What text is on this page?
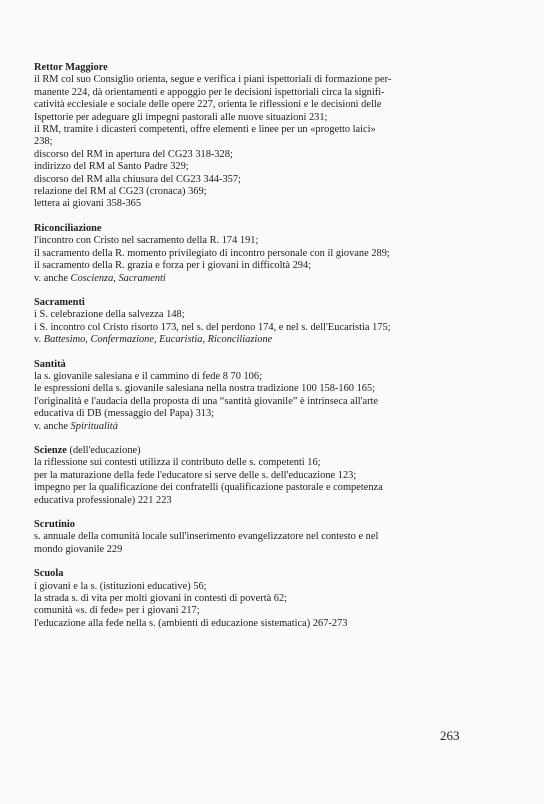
Rettor Maggiore
il RM col suo Consiglio orienta, segue e verifica i piani ispettoriali di formazione per-
manente 224, dà orientamenti e appoggio per le decisioni ispettoriali circa la signifi-
catività ecclesiale e sociale delle opere 227, orienta le riflessioni e le decisioni delle
Ispettorie per adeguare gli impegni pastorali alle nuove situazioni 231;
il RM, tramite i dicasteri competenti, offre elementi e linee per un «progetto laici»
238;
discorso del RM in apertura del CG23 318-328;
indirizzo del RM al Santo Padre 329;
discorso del RM alla chiusura del CG23 344-357;
relazione del RM al CG23 (cronaca) 369;
lettera ai giovani 358-365
Riconciliazione
l'incontro con Cristo nel sacramento della R. 174 191;
il sacramento della R. momento privilegiato di incontro personale con il giovane 289;
il sacramento della R. grazia e forza per i giovani in difficoltà 294;
v. anche Coscienza, Sacramenti
Sacramenti
i S. celebrazione della salvezza 148;
i S. incontro col Cristo risorto 173, nel s. del perdono 174, e nel s. dell'Eucaristia 175;
v. Battesimo, Confermazione, Eucaristia, Riconciliazione
Santità
la s. giovanile salesiana e il cammino di fede 8 70 106;
le espressioni della s. giovanile salesiana nella nostra tradizione 100 158-160 165;
l'originalità e l'audacia della proposta di una “santità giovanile” è intrinseca all'arte
educativa di DB (messaggio del Papa) 313;
v. anche Spiritualità
Scienze (dell'educazione)
la riflessione sui contesti utilizza il contributo delle s. competenti 16;
per la maturazione della fede l'educatore si serve delle s. dell'educazione 123;
impegno per la qualificazione dei confratelli (qualificazione pastorale e competenza
educativa professionale) 221 223
Scrutinio
s. annuale della comunità locale sull'inserimento evangelizzatore nel contesto e nel
mondo giovanile 229
Scuola
i giovani e la s. (istituzioni educative) 56;
la strada s. di vita per molti giovani in contesti di povertà 62;
comunità «s. di fede» per i giovani 217;
l'educazione alla fede nella s. (ambienti di educazione sistematica) 267-273
263
